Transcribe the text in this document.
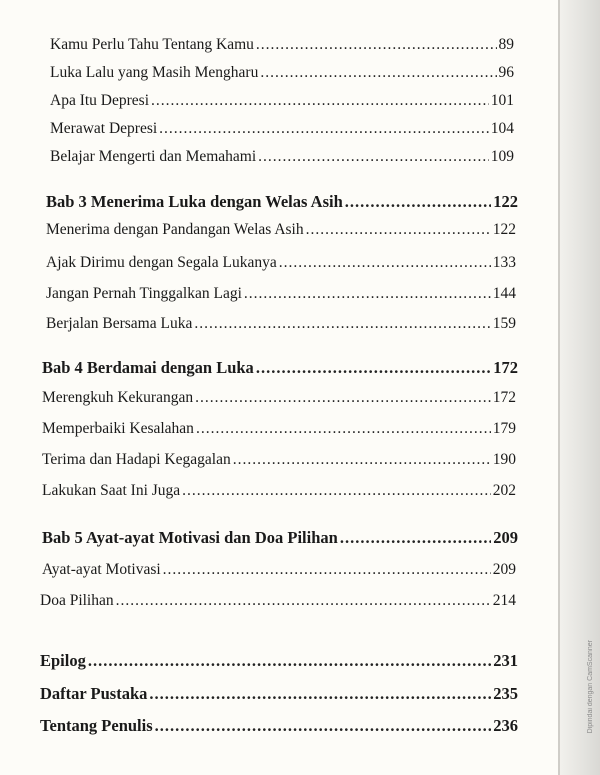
Kamu Perlu Tahu Tentang Kamu .....	89
Luka Lalu yang Masih Mengharu .....	96
Apa Itu Depresi .....	101
Merawat Depresi .....	104
Belajar Mengerti dan Memahami .....	109
Bab 3 Menerima Luka dengan Welas Asih .....	122
Menerima dengan Pandangan Welas Asih .....	122
Ajak Dirimu dengan Segala Lukanya .....	133
Jangan Pernah Tinggalkan Lagi .....	144
Berjalan Bersama Luka .....	159
Bab 4 Berdamai dengan Luka .....	172
Merengkuh Kekurangan .....	172
Memperbaiki Kesalahan .....	179
Terima dan Hadapi Kegagalan .....	190
Lakukan Saat Ini Juga .....	202
Bab 5 Ayat-ayat Motivasi dan Doa Pilihan .....	209
Ayat-ayat Motivasi .....	209
Doa Pilihan .....	214
Epilog .....	231
Daftar Pustaka .....	235
Tentang Penulis .....	236	Dipindai dengan CamScanner
